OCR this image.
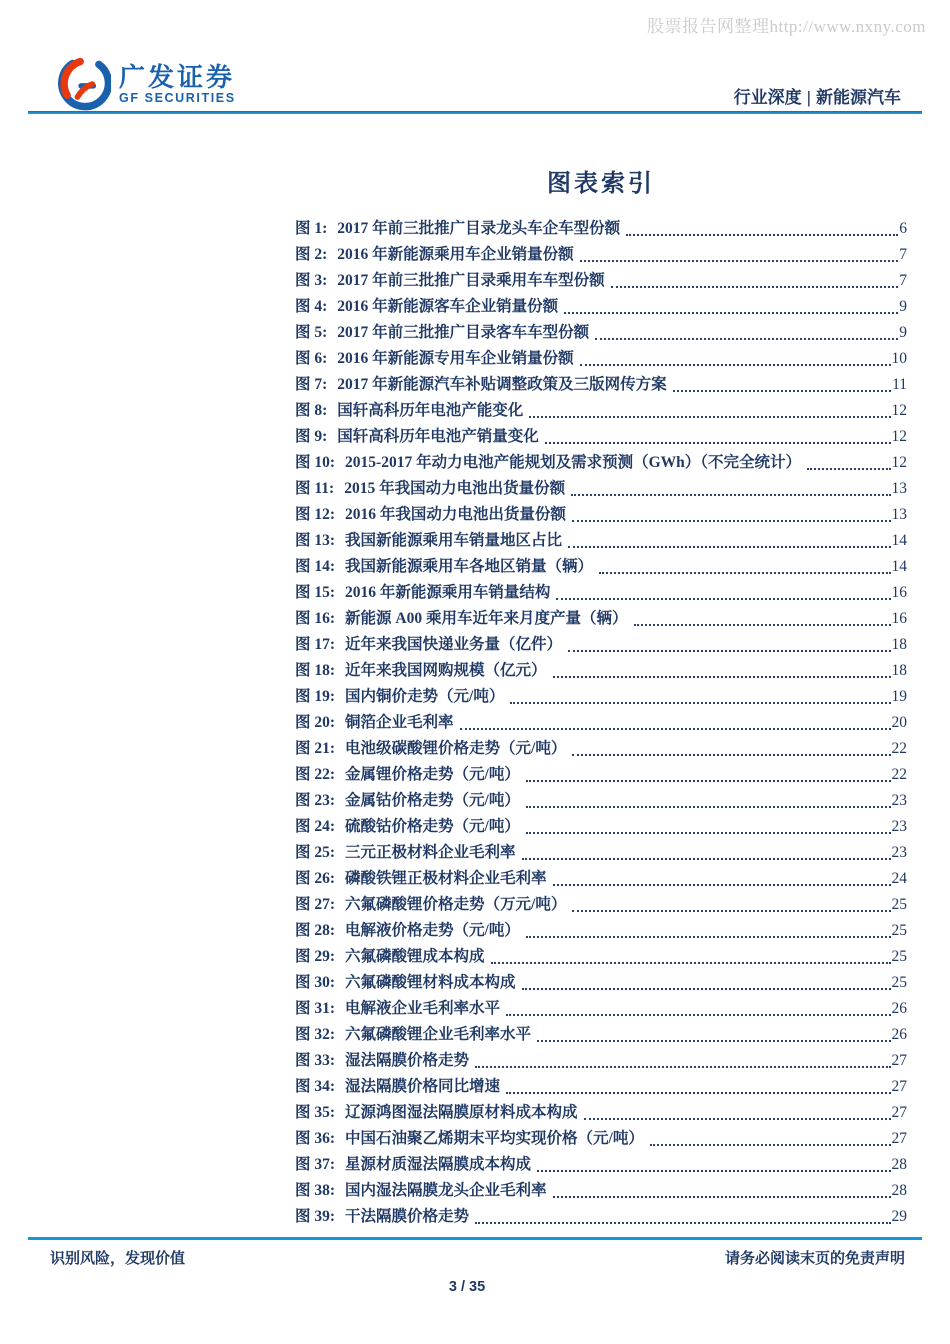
股票报告网整理http://www.nxny.com
广发证券
GF SECURITIES	行业深度 | 新能源汽车
图表索引
图 1: 2017 年前三批推广目录龙头车企车型份额	6
图 2: 2016 年新能源乘用车企业销量份额	7
图 3: 2017 年前三批推广目录乘用车车型份额	7
图 4: 2016 年新能源客车企业销量份额	9
图 5: 2017 年前三批推广目录客车车型份额	9
图 6: 2016 年新能源专用车企业销量份额	10
图 7: 2017 年新能源汽车补贴调整政策及三版网传方案	11
图 8: 国轩高科历年电池产能变化	12
图 9: 国轩高科历年电池产销量变化	12
图 10: 2015-2017 年动力电池产能规划及需求预测（GWh）（不完全统计）	12
图 11: 2015 年我国动力电池出货量份额	13
图 12: 2016 年我国动力电池出货量份额	13
图 13: 我国新能源乘用车销量地区占比	14
图 14: 我国新能源乘用车各地区销量（辆）	14
图 15: 2016 年新能源乘用车销量结构	16
图 16: 新能源 A00 乘用车近年来月度产量（辆）	16
图 17: 近年来我国快递业务量（亿件）	18
图 18: 近年来我国网购规模（亿元）	18
图 19: 国内铜价走势（元/吨）	19
图 20: 铜箔企业毛利率	20
图 21: 电池级碳酸锂价格走势（元/吨）	22
图 22: 金属锂价格走势（元/吨）	22
图 23: 金属钴价格走势（元/吨）	23
图 24: 硫酸钴价格走势（元/吨）	23
图 25: 三元正极材料企业毛利率	23
图 26: 磷酸铁锂正极材料企业毛利率	24
图 27: 六氟磷酸锂价格走势（万元/吨）	25
图 28: 电解液价格走势（元/吨）	25
图 29: 六氟磷酸锂成本构成	25
图 30: 六氟磷酸锂材料成本构成	25
图 31: 电解液企业毛利率水平	26
图 32: 六氟磷酸锂企业毛利率水平	26
图 33: 湿法隔膜价格走势	27
图 34: 湿法隔膜价格同比增速	27
图 35: 辽源鸿图湿法隔膜原材料成本构成	27
图 36: 中国石油聚乙烯期末平均实现价格（元/吨）	27
图 37: 星源材质湿法隔膜成本构成	28
图 38: 国内湿法隔膜龙头企业毛利率	28
图 39: 干法隔膜价格走势	29
识别风险，发现价值	请务必阅读末页的免责声明
3 / 35
